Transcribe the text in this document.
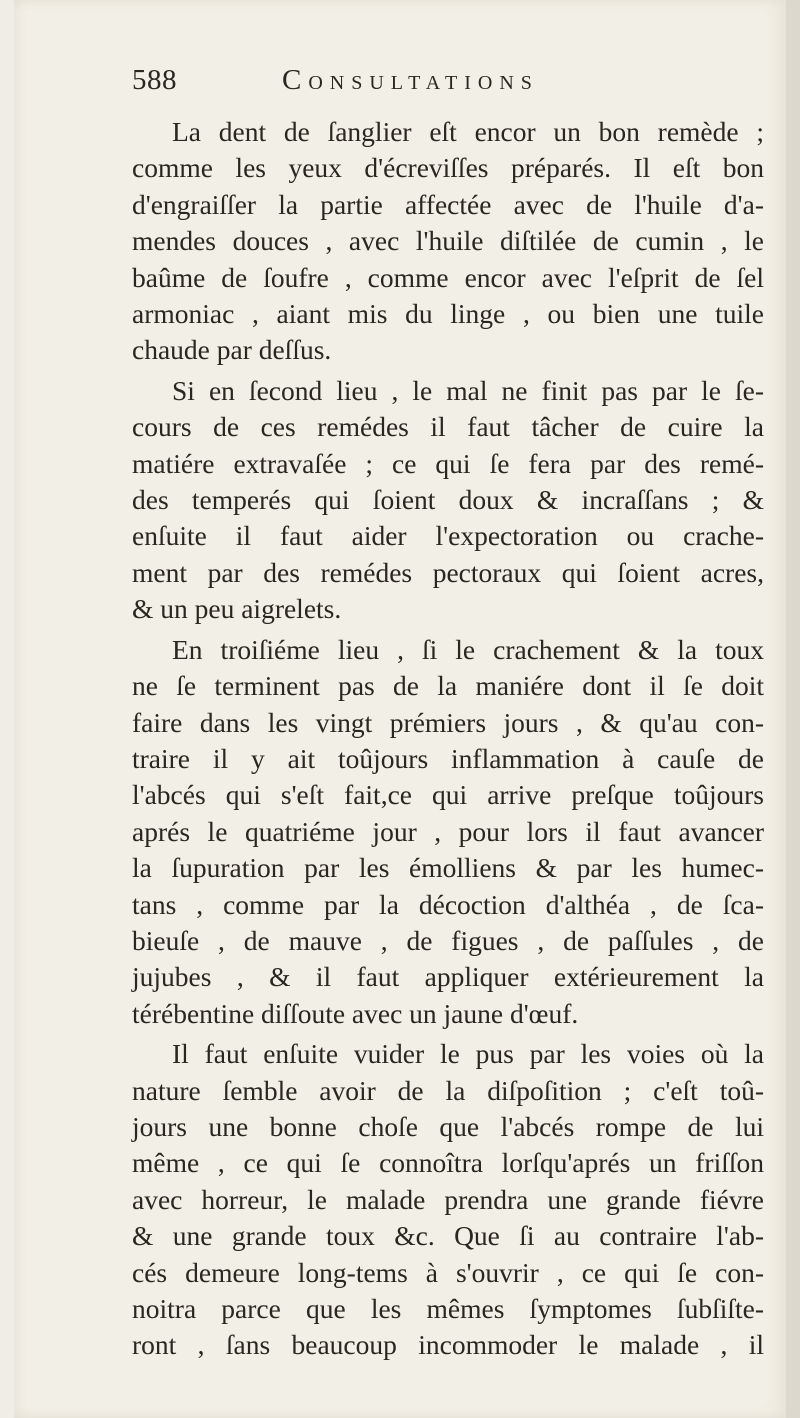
588	Consultations

La dent de ſanglier eſt encor un bon remède ;
comme les yeux d'écreviſſes préparés. Il eſt bon
d'engraiſſer la partie affectée avec de l'huile d'a-
mendes douces , avec l'huile diſtilée de cumin , le
baûme de ſoufre , comme encor avec l'eſprit de ſel
armoniac , aiant mis du linge , ou bien une tuile
chaude par deſſus.

Si en ſecond lieu , le mal ne finit pas par le ſe-
cours de ces remédes il faut tâcher de cuire la
matiére extravaſée ; ce qui ſe fera par des remé-
des temperés qui ſoient doux & incraſſans ; &
enſuite il faut aider l'expectoration ou crache-
ment par des remédes pectoraux qui ſoient acres,
& un peu aigrelets.

En troiſiéme lieu , ſi le crachement & la toux
ne ſe terminent pas de la maniére dont il ſe doit
faire dans les vingt prémiers jours , & qu'au con-
traire il y ait toûjours inflammation à cauſe de
l'abcés qui s'eſt fait,ce qui arrive preſque toûjours
aprés le quatriéme jour , pour lors il faut avancer
la ſupuration par les émolliens & par les humec-
tans , comme par la décoction d'althéa , de ſca-
bieuſe , de mauve , de figues , de paſſules , de
jujubes , & il faut appliquer extérieurement la
térébentine diſſoute avec un jaune d'œuf.

Il faut enſuite vuider le pus par les voies où la
nature ſemble avoir de la diſpoſition ; c'eſt toû-
jours une bonne choſe que l'abcés rompe de lui
même , ce qui ſe connoîtra lorſqu'aprés un friſſon
avec horreur, le malade prendra une grande fiévre
& une grande toux &c. Que ſi au contraire l'ab-
cés demeure long-tems à s'ouvrir , ce qui ſe con-
noitra parce que les mêmes ſymptomes ſubſiſte-
ront , ſans beaucoup incommoder le malade , il
